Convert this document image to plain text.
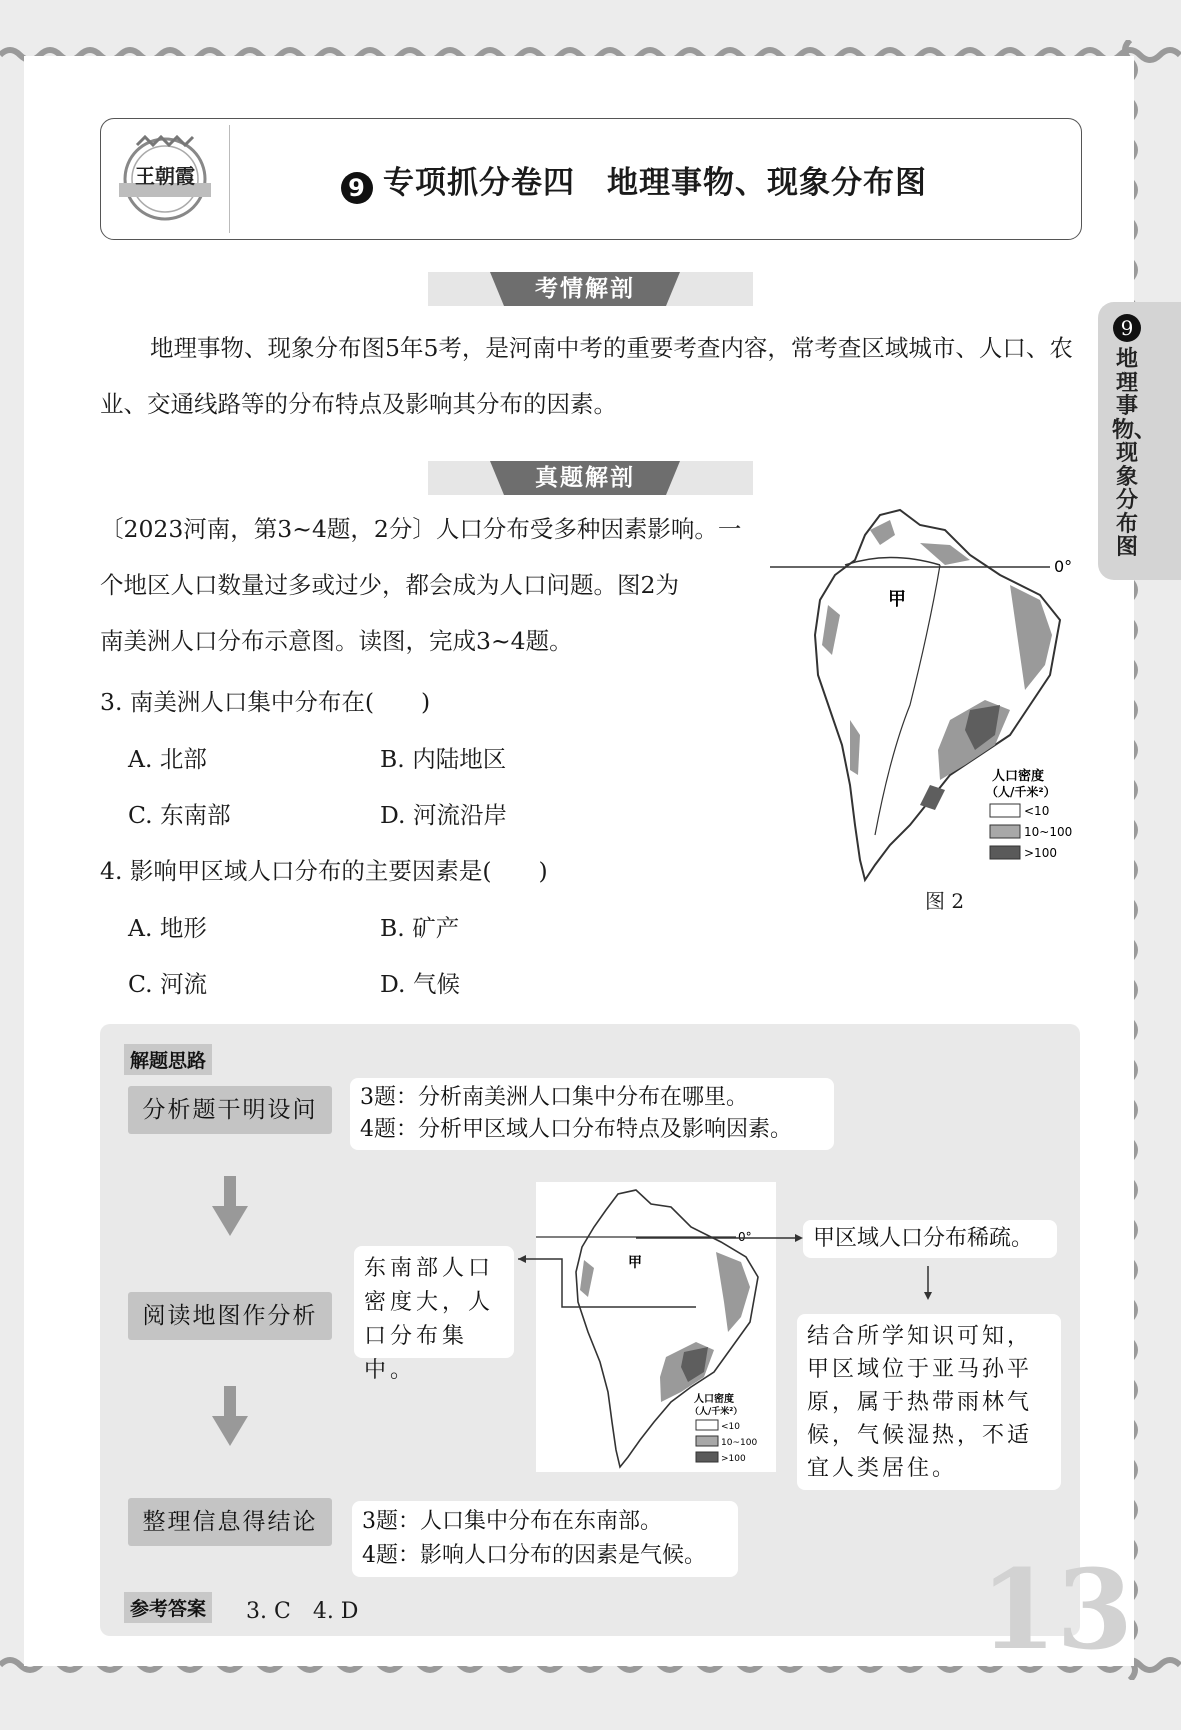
王朝霞	9 专项抓分卷四　地理事物、现象分布图
考情解剖
地理事物、现象分布图5年5考，是河南中考的重要考查内容，常考查区域城市、人口、农
业、交通线路等的分布特点及影响其分布的因素。
9
地理事物、现象分布图
真题解剖
〔2023河南，第3~4题，2分〕人口分布受多种因素影响。一
个地区人口数量过多或过少，都会成为人口问题。图2为
南美洲人口分布示意图。读图，完成3~4题。
3. 南美洲人口集中分布在(　　)
A. 北部	B. 内陆地区
C. 东南部	D. 河流沿岸
4. 影响甲区域人口分布的主要因素是(　　)
A. 地形	B. 矿产
C. 河流	D. 气候
0°
甲
人口密度
（人/千米²）
<10
10~100
>100
图 2
解题思路
分析题干明设问	3题：分析南美洲人口集中分布在哪里。
4题：分析甲区域人口分布特点及影响因素。
阅读地图作分析
东南部人口密度大，人口分布集中。
0°
甲
人口密度
（人/千米²）
<10
10~100
>100
甲区域人口分布稀疏。
结合所学知识可知，甲区域位于亚马孙平原，属于热带雨林气候，气候湿热，不适宜人类居住。
整理信息得结论	3题：人口集中分布在东南部。
4题：影响人口分布的因素是气候。
参考答案 3. C　4. D	13
